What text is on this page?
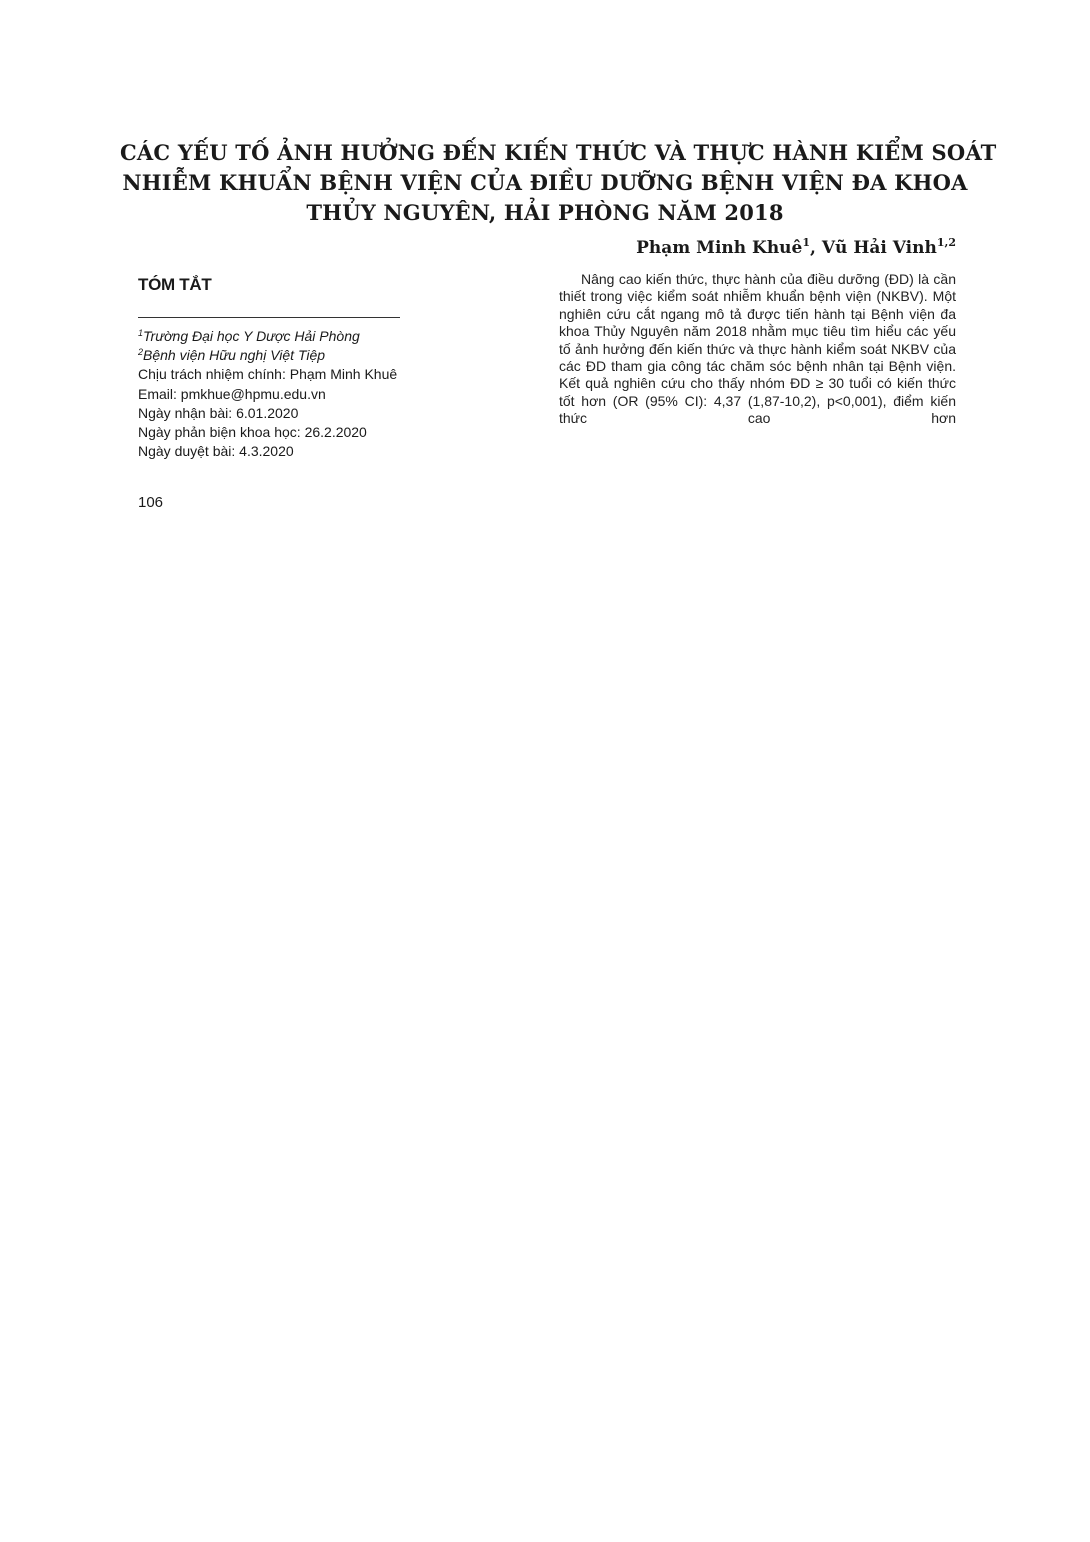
CÁC YẾU TỐ ẢNH HƯỞNG ĐẾN KIẾN THỨC VÀ THỰC HÀNH KIỂM SOÁT
NHIỄM KHUẨN BỆNH VIỆN CỦA ĐIỀU DƯỠNG BỆNH VIỆN ĐA KHOA
THỦY NGUYÊN, HẢI PHÒNG NĂM 2018
Phạm Minh Khuê$^1$, Vũ Hải Vinh$^{1,2}$
TÓM TẮT
$^1$Trường Đại học Y Dược Hải Phòng
$^2$Bệnh viện Hữu nghị Việt Tiệp
Chịu trách nhiệm chính: Phạm Minh Khuê
Email: pmkhue@hpmu.edu.vn
Ngày nhận bài: 6.01.2020
Ngày phản biện khoa học: 26.2.2020
Ngày duyệt bài: 4.3.2020
Nâng cao kiến thức, thực hành của điều dưỡng (ĐD) là cần thiết trong việc kiểm soát nhiễm khuẩn bệnh viện (NKBV). Một nghiên cứu cắt ngang mô tả được tiến hành tại Bệnh viện đa khoa Thủy Nguyên năm 2018 nhằm mục tiêu tìm hiểu các yếu tố ảnh hưởng đến kiến thức và thực hành kiểm soát NKBV của các ĐD tham gia công tác chăm sóc bệnh nhân tại Bệnh viện. Kết quả nghiên cứu cho thấy nhóm ĐD ≥ 30 tuổi có kiến thức tốt hơn (OR (95% CI): 4,37 (1,87-10,2), p<0,001), điểm kiến thức cao hơn
106
